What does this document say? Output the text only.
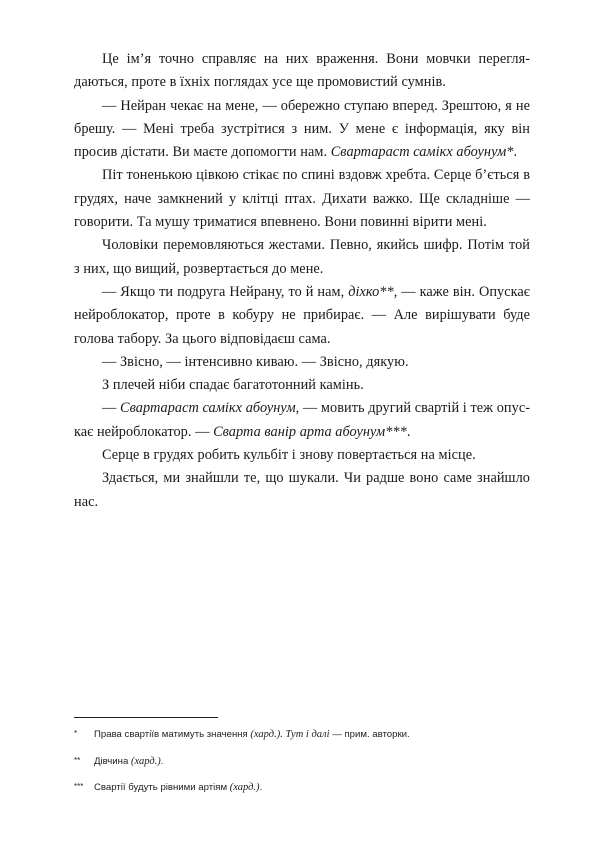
Це ім’я точно справляє на них враження. Вони мовчки переглядаються, проте в їхніх поглядах усе ще промовистий сумнів.

— Нейран чекає на мене, — обережно ступаю вперед. Зрештою, я не брешу. — Мені треба зустрітися з ним. У мене є інформація, яку він просив дістати. Ви маєте допомогти нам. Свартараст самікх абоунум*.

Піт тоненькою цівкою стікає по спині вздовж хребта. Серце б’ється в грудях, наче замкнений у клітці птах. Дихати важко. Ще складніше — говорити. Та мушу триматися впевнено. Вони повинні вірити мені.

Чоловіки перемовляються жестами. Певно, якийсь шифр. Потім той з них, що вищий, розвертається до мене.

— Якщо ти подруга Нейрану, то й нам, діхко**, — каже він. Опускає нейроблокатор, проте в кобуру не прибирає. — Але вирішувати буде голова табору. За цього відповідаєш сама.

— Звісно, — інтенсивно киваю. — Звісно, дякую.

З плечей ніби спадає багатотонний камінь.

— Свартараст самікх абоунум, — мовить другий свартій і теж опускає нейроблокатор. — Сварта ванір арта абоунум***.

Серце в грудях робить кульбіт і знову повертається на місце.

Здається, ми знайшли те, що шукали. Чи радше воно саме знайшло нас.

* Права свартіїв матимуть значення (хард.). Тут і далі — прим. авторки.
** Дівчина (хард.).
*** Свартії будуть рівними артіям (хард.).
